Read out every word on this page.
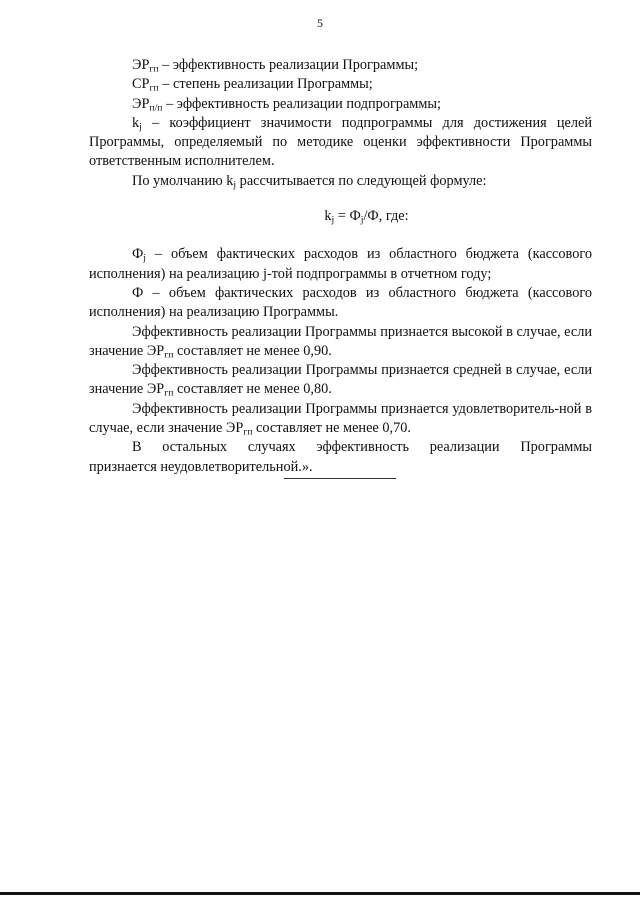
5

$ЭР_{гп}$ – эффективность реализации Программы;

$СР_{гп}$ – степень реализации Программы;

$ЭР_{п/п}$ – эффективность реализации подпрограммы;

$k_j$ – коэффициент значимости подпрограммы для достижения целей Программы, определяемый по методике оценки эффективности Программы ответственным исполнителем.

По умолчанию $k_j$ рассчитывается по следующей формуле:

$k_j = Ф_j/Ф$, где:

$Ф_j$ – объем фактических расходов из областного бюджета (кассового исполнения) на реализацию j-той подпрограммы в отчетном году;

Ф – объем фактических расходов из областного бюджета (кассового исполнения) на реализацию Программы.

Эффективность реализации Программы признается высокой в случае, если значение $ЭР_{гп}$ составляет не менее 0,90.

Эффективность реализации Программы признается средней в случае, если значение $ЭР_{гп}$ составляет не менее 0,80.

Эффективность реализации Программы признается удовлетворитель-ной в случае, если значение $ЭР_{гп}$ составляет не менее 0,70.

В остальных случаях эффективность реализации Программы

признается неудовлетворительной.».
